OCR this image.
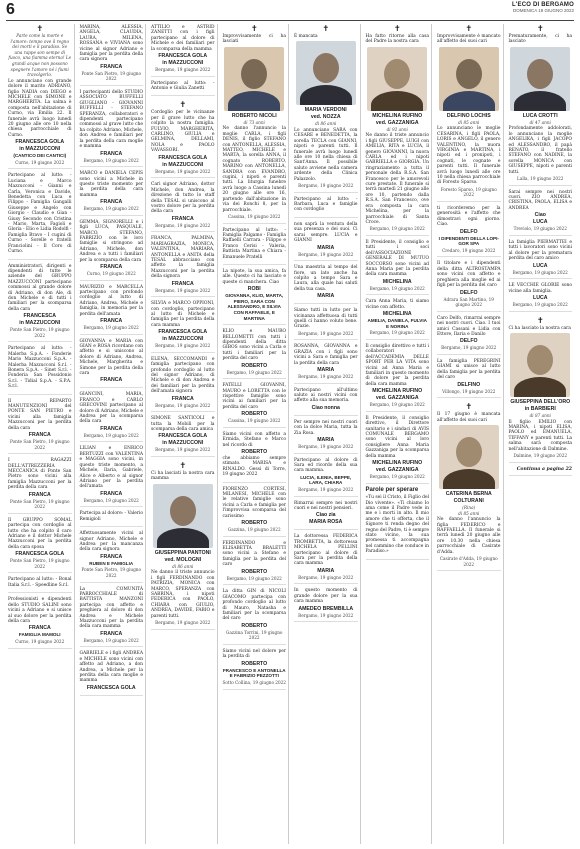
6	L'ECO DI BERGAMO
DOMENICA 19 GIUGNO 2022
✝
Parte come la morte e l'amore: tempo ove il regno dei morti e il paradiso. Se una rappe son sempe di fuoco, una fiamma eterna! Le grandi acque non possono spegnere l'amore né i fiumi travolgerlo.
Lo annunciano con grande dolore il marito ADRIANO, figlio NADIA con DIEGO e MICHELE con SIMONE e MARGHERITA. La salma è composta nell'abitazione di Curno, via Emilia 22. Il funerale avrà luogo lunedì 20 giugno alle ore 10 nella chiesa parrocchiale di Curno.
FRANCESCA GOLA
in MAZZUCCONI
(CANTICO DEI CANTICI)
Curno, 19 giugno 2022
Partecipano al lutto: - Luciana e Marco Mazzucconi - Gianni e Carla, Veronica e Davide, Benedetta con Luca e Filippo - Famiglia Gangalli Giuseppe e Angelo con Giorgio - Claudio e Gian - Giusy Secondo con Cristina - Mario, Marta, Fagioli e Gloria - Elio e Lidia Rodolfi - Famiglia Bravo - I cugini di Curno - Sorelle e fratelli Franciolini - Il Coro di Curno.
Amministratori, dirigenti e dipendenti di tutte le aziende del GRUPPO MAZZUCCONI partecipano commossi al grande dolore di Adriano, di don Ale, di don Michele e di tutti i familiari per la scomparsa della cara
FRANCESCA
in MAZZUCCONI
Ponte San Pietro, 19 giugno 2022
Partecipano al lutto: - Malerba S.p.A. - Fonderie Mario Mazzucconi S.p.A. - Malerba Mazzucconi S.r.l. - Bonera S.p.A. - Sinet S.r.l. - Fonderia San Possidonio S.r.l. - Tidial S.p.A. - S.P.A. S.r.l.
Il REPARTO MANUTENZIONI del PONTE SAN PIETRO e vicini alla famiglia Mazzucconi per la perdita della cara
FRANCA
Ponte San Pietro, 19 giugno 2022
I RAGAZZI DELL'ATTREZZERIA MECCANICA di Ponte San Pietro sono vicini alla famiglia Mazzucconi per la perdita della cara
FRANCA
Ponte San Pietro, 19 giugno 2022
Il GRUPPO SOMAL partecipa con cordoglio al lutto che ha colpito il caro Adriano e il dottor Michele Mazzucconi per la perdita della cara sposa
FRANCESCA GOLA
Ponte San Pietro, 19 giugno 2022
Partecipano al lutto: - Bonal Italia S.r.l. - Speedline S.r.l.
Professionisti e dipendenti dello STUDIO SALINI sono vicini a Adriano e si unisce al suo dolore per la perdita della cara
FRANCA
FAMIGLIA MAMOLI
Curno, 19 giugno 2022
MARINA, ALESSIA, ANGELA, CLAUDIA, LAURA, MILENA, ROSSANA e VIVIANA sono vicine al signor Adriano e famiglia per la perdita della cara signora
FRANCA
Ponte San Pietro, 19 giugno 2022
I partecipanti dello STUDIO ASSOCIATO BUFFELLI GIUGLIANO - GIOVANNI BUFFELLI - STEFANO SPERANZA, collaboratori e dipendenti partecipano commossi al grave lutto che ha colpito Adriano, Michele, don Andrea e familiari per la perdita della cara moglie e mamma
FRANCA
Bergamo, 19 giugno 2022
MARCO e DANIELA CEPIS sono vicini a Michele in questo triste momento per la perdita della cara mamma
FRANCA
Bergamo, 19 giugno 2022
GEMMA, SIGNORELLI e i figli LUCA, PASQUALE, MARCO, STEFANO, FABRIZIO con le loro famiglie si stringono ad Adriano, Michele, don Andrea e a tutti i familiari per la scomparsa della cara
FRANCA
Curno, 19 giugno 2022
MAURIZIO e MARCELLA partecipano con profondo cordoglio al lutto di Adriano, Andrea, Michele e famiglia, in memoria per la perdita dell'amata
FRANCA
Bergamo, 19 giugno 2022
GIOVANNA e MARIA con GIAN e ROSA ricordano con affetto e si uniscono al dolore di Adriano, Andrea, Michele, Margherita e Simone per la perdita della cara
FRANCA
GIANCINI, MARIA, FRANCO e CARLO GRECOVINI partecipano al dolore di Adriano, Michele e Andrea per la scomparsa della cara
FRANCA
Bergamo, 19 giugno 2022
LILIAN e ENRICO BERTUZZI con VALENTINA e MAGGIA sono vicini, in questo triste momento, a Michele, Ilaria, Gabriele, Alice e Alberto e al signor Adriano per la perdita dell'amata
FRANCA
Bergamo, 19 giugno 2022
Partecipa al dolore: - Valerio Remigioli
Affettuosamente vicini al signor Adriano, Michele e Andrea per la mancanza della cara signora
FRANCA
RUBEN E FAMIGLIA
Ponte San Pietro, 19 giugno 2022
La COMUNITÀ PARROCCHIALE di BATTISTA MANZONI partecipa con affetto e preghiera al dolore di don Andrea e Michele Mazzucconi per la perdita della cara mamma
FRANCA
Bergamo, 19 giugno 2022
GABRIELE e i figli ANDREA e MICHELE sono vicini con affetto ad Adriano, a don Andrea, a Michele per la perdita della cara moglie e mamma
FRANCESCA GOLA
ATTILIO e ASTRID ZANETTI con i figli partecipano al dolore di Michele e dei familiari per la scomparsa della mamma
FRANCESCA GOLA
in MAZZUCCONI
Bergamo, 19 giugno 2022
Partecipano al lutto: - Antonio e Giulia Zanetti
✝
Cordoglio per le vicinanze per il grave lutto che ha colpito la nostra famiglia. FULVIO, MARGHERITA, CARLINO, GIULIA e GELMINA, DELLAMI, NOLA e PAOLO VAVASSORI.
FRANCESCA GOLA
in MAZZUCCONI
Bergamo, 19 giugno 2022
Cari signor Adriano, dottor Michele, don Andrea, la direzione di tutto lo staff della TESAL si uniscono al vostro dolore per la perdita della cara
FRANCA
Bergamo, 19 giugno 2022
FRANCA, PALMINA, MARIAGRAZIA, MONICA, VALENTINA, MARIARA, ANTONELLA e ANITA della TESAL abbracciano con affetto la famiglia Mazzucconi per la perdita della signora
FRANCA
Bergamo, 19 giugno 2022
SILVIA e MARCO OPPIONI, con cordoglio, partecipano al lutto di Michele e famiglia per la perdita della cara mamma
FRANCESCA GOLA
in MAZZUCCONI
Bergamo, 19 giugno 2022
ELENA, SECCOMANDI e famiglia partecipano con profondo cordoglio al lutto del signor Adriano, di Michele e di don Andrea e dei familiari per la perdita dell'amata signora
FRANCA
Bergamo, 19 giugno 2022
SIMONE SANTICOLI e tutta la Mobili per la scomparsa della cara amica
FRANCESCA GOLA
in MAZZUCCONI
Bergamo, 19 giugno 2022
✝
Ci ha lasciati la nostra cara mamma
GIUSEPPINA PANTONI
ved. MOLOGNI
di 86 anni
Ne danno il triste annuncio i figli FERDINANDO con PATRIZIA, MONICA con MARCO, SPERANZA con SABRINA, i nipoti FEDERICA con PAOLO, CHIARA con GIULIO, ANDREA, DAVIDE, FABIO e parenti tutti.
Bergamo, 19 giugno 2022
✝
Improvvisamente ci ha lasciati
ROBERTO NICOLI
di 73 anni
Ne danno l'annuncio la moglie CARLA, i figli DENIS, il figlio STEFANO con ANTONELLA, ALESSIA, MATTEO, MICHELE e MARTA, la sorella ANNA, il cognato ROBERTO, MARINO con ANTONELLA, SANDRA con EVANDRO, cugini, i nipoti e parenti tutti. La liturgia funebre avrà luogo a Cassina lunedì 20 giugno alle ore 16, partendo dall'abitazione in via dei Ronchi 8, per la parrocchiale.
Cassina, 19 giugno 2022
Partecipano al lutto: - Famiglia Palgamo - Famiglia Raffaelli Carrara - Filippo e Franco Cerisi - Valeria, Battista Martina e Chiara - Emanuele Pratelli
La nipote, la sua amica, fa alle. Questo ci ha lasciato e queste ci manchera. Ciao
ROBI
GIOVANNA, KLIO, MARTA, PIERO, SARA CON ALESSANDRO, E SILVIA CON RAFFAELE, E MARTINA
KLIO e MAURO BELLOMETTI con tutti i dipendenti della ditta GIBOS sono vicini a Carla e tutti i familiari per la perdita del caro
ROBERTO
Bergamo, 19 giugno 2022
FATELLI GIOVANNI, MAURO e LORETTA con le rispettive famiglie sono vicini ai familiari per la perdita del caro
ROBERTO
Cassina, 19 giugno 2022
Siamo vicini con affetto a Ermida, Stefano e Marco nel ricordo di
ROBERTO
che abbiamo sempre stimato. MARISA e RINALDO. Gessi di Torre, 19 giugno 2022
FIORENZO CORTESI, MILANESI, MICHELE con le relative famiglie sono vicini a Carla e famiglia per l'improvvisa scomparsa del carissimo
ROBERTO
Gazzina, 19 giugno 2022
FERDINANDO e ELISABETTA BRALETTI sono vicini a Stefano e famiglia per la perdita del caro
ROBERTO
Bergamo, 19 giugno 2022
La ditta GIN di NICOLI GIACOMO partecipa con profondo cordoglio al lutto di Mauro, Natasha e familiari per la scomparsa del caro
ROBERTO
Gazzina Torrini, 19 giugno 2022
Siamo vicini nel dolore per la perdita di
ROBERTO
FRANCESCO E ANTONELLA E FABRIZIO PEZZOTTI
Sotto Collina, 19 giugno 2022
✝
È mancata
MARIA VERDONI
ved. NOZZA
di 86 anni
Lo annunciano SARA con CESARE e BENEDETTA, la sorella TECLA con GIANNI, nipoti e parenti tutti. Il funerale avrà luogo lunedì alle ore 10 nella chiesa di Sant'Anna. Il possibile saluto avviene nella camera ardente della Clinica Palazzolo.
Bergamo, 19 giugno 2022
Partecipano al lutto: - Barbara, Luca e famiglie con cordoglio
non saprà la ventura della sua presenza e dei suoi. Ci sarai sempre. LUCIA e GIANNI
MARIA
Bergamo, 19 giugno 2022
Una maestria al tempo del fiore, un lato anche ha colpito a tempo Sara e Laura, alla quale hai saluti della tua casa.
MARIA
Siamo tutti in lutto per la vicinanza affettuosa di tutti quelli ci hanno voluto bene. Grazie.
Bergamo, 19 giugno 2022
ROSANNA, GIOVANNA e GRAZIA con i figli sono vicini a Sara e famiglia per la perdita della cara
MARIA
Bergamo, 19 giugno 2022
Partecipano all'ultimo saluto ai nostri vicini con affetto alla sua memoria.
Ciao nonna
Per sempre nei nostri cuori con la dolce Maria, tutta la Zia Rosa.
MARIA
Bergamo, 19 giugno 2022
Partecipano al dolore di Sara ed ricordo della sua cara mamma.
LUCIA, ILENIA, BEPPE, LARA, CHIARA
Bergamo, 19 giugno 2022
Rimarrai sempre nei nostri cuori e nei nostri pensieri.
Ciao zia
MARIA ROSA
La dottoressa FEDERICA TROMBETTA, la dottoressa MICHELA PELLINI partecipano al dolore di Sara per la perdita della cara mamma
MARIA
Bergamo, 19 giugno 2022
In questo momento di grande dolore per la sua cara mamma
AMEDEO BREMBILLA
Bergamo, 19 giugno 2022
✝
Ha fatto ritorno alla casa del Padre la nostra cara
MICHELINA RUFINO
ved. GAZZANIGA
di 92 anni
Ne danno il triste annuncio i figli GIUSEPPE, LUIGI con AMELIA, RITA e LUCIA, il genero GIOVANNI, la nuora CARLA ed i nipoti GABRIELLA e GIORGIA. Un ringraziamento a tutta il personale della R.S.A. San Francesco per le amorevoli cure prestate. Il funerale si terrà martedì 21 giugno alle ore 10, partendo dalla R.S.A. San Francesco, ove era composta la cara Michelina, per la parrocchiale di Santa Croce.
Bergamo, 19 giugno 2022
Il Presidente, il consiglio e tutti i soci dell'ASSOCIAZIONE GENERALE DI MUTUO SOCCORSO sono vicini ad Anna Maria per la perdita della cara mamma
MICHELINA
Bergamo, 19 giugno 2022
Cara Anna Maria, ti siamo vicine con affetto.
MICHELINA
AMELIA, DANIELA, FULVIA E NORINA
Bergamo, 19 giugno 2022
Il consiglio direttivo e tutti i collaboratori dell'ACCADEMIA DELLE SPORT PER LA VITA sono vicini ad Anna Maria e familiari in questo momento di dolore per la perdita della cara mamma
MICHELINA RUFINO
ved. GAZZANIGA
Bergamo, 19 giugno 2022
Il Presidente, il consiglio direttivo, il Direttore sanitario e i sindaci di AVIS COMUNALE BERGAMO sono vicini al loro consigliere Anna Maria Gazzaniga per la scomparsa della mamma
MICHELINA RUFINO
ved. GAZZANIGA
Bergamo, 19 giugno 2022
Parole per sperare
«Tu sei il Cristo, il Figlio del Dio vivente». «Ti chiamo Io ama come il Padre vede in me e i morti in alto. Il mio amore che ti offerta, che il Signore ti renda degno del regno del Padre, ti è sempre stato vicino, la sua promessa ti accompagna nel cammino che conduce in Paradiso.»
✝
Improvvisamente è mancato all'affetto dei suoi cari
DELFINO LOCHIS
di 85 anni
Lo annunciano le moglie CESARINA, i figli PAOLA, LORIS e ANGELO, il genero VALENTINO, la nuora VIRGINIA e MARTINA, i nipoti ed i pronipoti, i cognati, le cognate e parenti tutti. Il funerale avrà luogo lunedì alle ore 10 nella chiesa parrocchiale di Foresto Sparso.
Foresto Sparso, 19 giugno 2022
ti ricorderemo per la generosità e l'affetto che dimostravi ogni giorno. Ciao.
DELFO
I DIPENDENTI DELLA LOPI-GOR SPA
Credaro, 19 giugno 2022
Il titolare e i dipendenti della ditta ALTROSTAMPA sono vicini con affetto e preghiera alla moglie ed ai figli per la perdita del caro
DELFO
Adrara San Martino, 19 giugno 2022
Caro Delfo, rimarrai sempre nei nostri cuori. Ciao. I tuoi amici Cassani e Lidia con Ettore, Ilaria e Danilo
DELFO
Bergamo, 19 giugno 2022
La famiglia PEREGRINI GIAMI si unisce al lutto della famiglia per la perdita del caro
DELFINO
Villongo, 19 giugno 2022
✝
Il 17 giugno è mancata all'affetto dei suoi cari
CATERINA BERNA
COLTURANI
(Rina)
di 85 anni
Ne danno l'annuncio la figlia FEDERICO e RAFFAELLA. Il funerale si terrà lunedì 20 giugno alle ore 10.30 nella chiesa parrocchiale di Casirate d'Adda.
Casirate d'Adda, 19 giugno 2022
✝
Prematuramente, ci ha lasciato
LUCA CROTTI
di 47 anni
Profondamente addolorati, lo annunciano la moglie ANGELIKA, i figli JACOPO ed ALESSANDRO, il papà RENATO, il fratello STEFANO con NADINE, la sorella MONICA con GIUSEPPE, nipoti e parenti tutti.
Lalla, 19 giugno 2022
Sarai sempre nei nostri cuori. ZIO ANDREA, CRISTINA, PAOLA, ELISA e ANDREA
Ciao
LUCA
Treviolo, 19 giugno 2022
La famiglia PIERMATTEI e tutti i lavoratori sono vicini al dolore per la prematura perdita del caro amico
LUCA
Bergamo, 19 giugno 2022
LE VECCHIE GLORIE sono vicine alla famiglia.
LUCA
Bergamo, 19 giugno 2022
✝
Ci ha lasciato la nostra cara
GIUSEPPINA DELL'ORO
in BARBIERI
di 87 anni
Il figlio EMILIO con MARINA, i nipoti ELISA, PAOLO ed EMANUELA, TIFFANY e parenti tutti. La salma sarà composta nell'abitazione di Dalmine.
Dalmine, 19 giugno 2022
Continua a pagina 22
